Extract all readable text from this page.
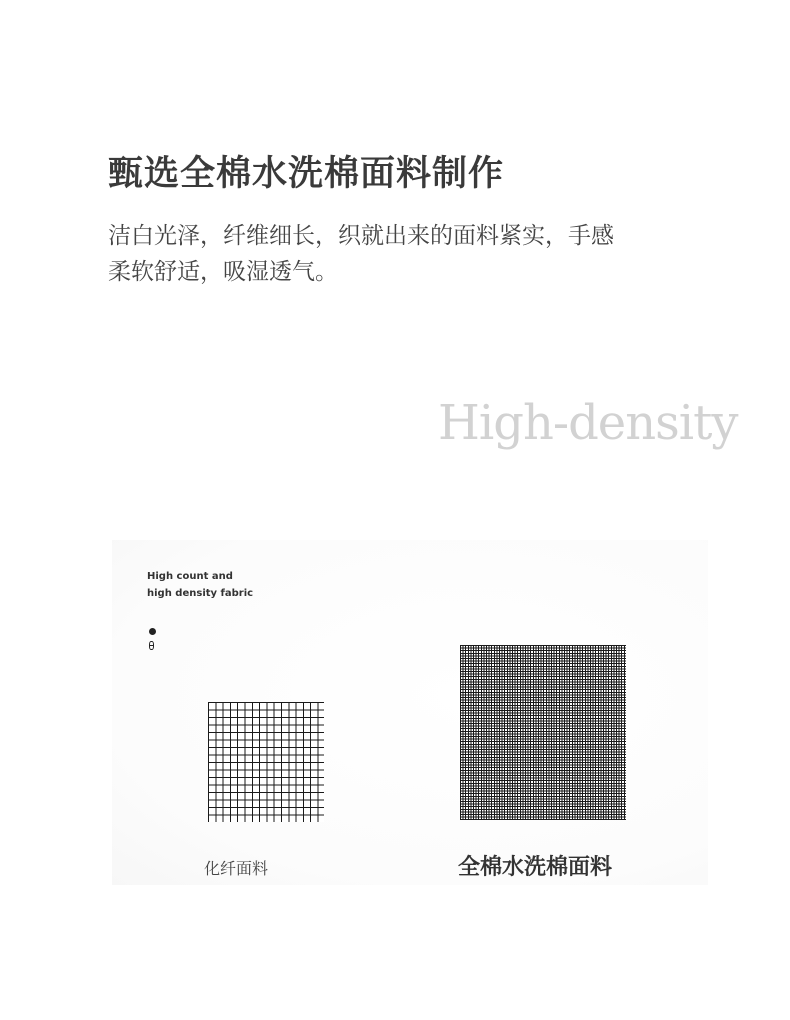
甄选全棉水洗棉面料制作
洁白光泽，纤维细长，织就出来的面料紧实，手感
柔软舒适，吸湿透气。
High-density
High count and
high density fabric
化纤面料	全棉水洗棉面料
